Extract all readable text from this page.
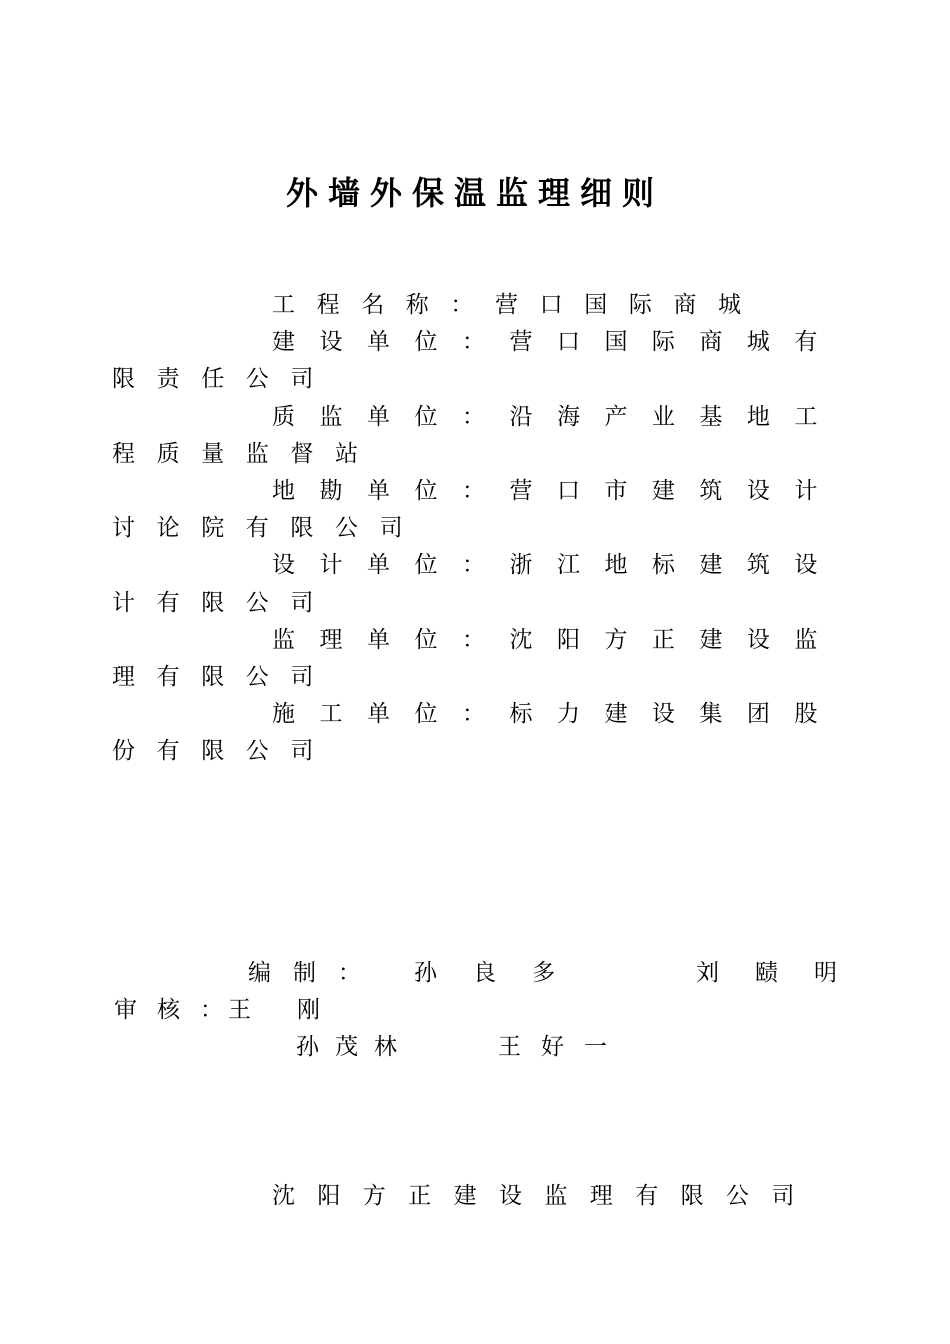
外墙外保温监理细则

工程名称：营口国际商城

建设单位：营口国际商城有限责任公司

质监单位：沿海产业基地工程质量监督站

地勘单位：营口市建筑设计讨论院有限公司

设计单位：浙江地标建筑设计有限公司

监理单位：沈阳方正建设监理有限公司

施工单位：标力建设集团股份有限公司

编制： 孙良多	刘赜明
审核：
王刚
孙茂林	王好一
沈阳方正建设监理有限公司
